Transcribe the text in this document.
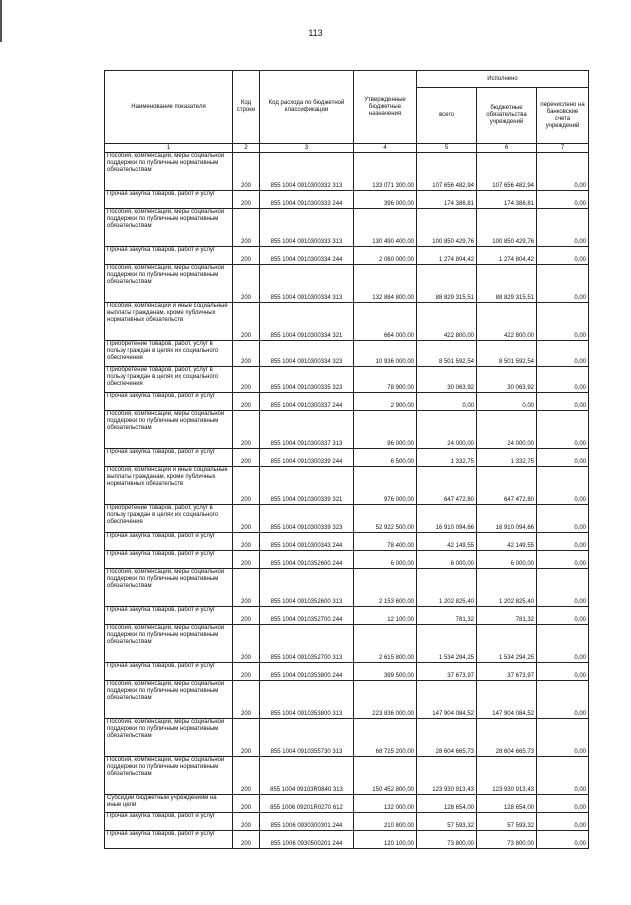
113
Наименование показателя	Код строки	Код расхода по бюджетной классификации	Утвержденные бюджетные назначения	Исполнено		
				всего	бюджетные обязательства учреждений	перечислено на банковские счета учреждений
1	2	3	4	5	6	7
Пособия, компенсации, меры социальной поддержки по публичным нормативным обязательствам	200	855 1004 0910300332 313	133 071 300,00	107 656 482,94	107 656 482,94	0,00
Прочая закупка товаров, работ и услуг	200	855 1004 0910300333 244	396 000,00	174 386,81	174 386,81	0,00
Пособия, компенсации, меры социальной поддержки по публичным нормативным обязательствам	200	855 1004 0910300333 313	130 490 400,00	100 850 429,76	100 850 429,76	0,00
Прочая закупка товаров, работ и услуг	200	855 1004 0910300334 244	2 060 000,00	1 274 804,42	1 274 804,42	0,00
Пособия, компенсации, меры социальной поддержки по публичным нормативным обязательствам	200	855 1004 0910300334 313	132 884 800,00	88 829 315,51	88 829 315,51	0,00
Пособия, компенсации и иные социальные выплаты гражданам, кроме публичных нормативных обязательств	200	855 1004 0910300334 321	664 000,00	422 800,00	422 800,00	0,00
Приобретение товаров, работ, услуг в пользу граждан в целях их социального обеспечения	200	855 1004 0910300334 323	10 936 000,00	8 501 592,54	8 501 592,54	0,00
Приобретение товаров, работ, услуг в пользу граждан в целях их социального обеспечения	200	855 1004 0910300335 323	78 900,00	30 063,92	30 063,92	0,00
Прочая закупка товаров, работ и услуг	200	855 1004 0910300337 244	2 900,00	0,00	0,00	0,00
Пособия, компенсации, меры социальной поддержки по публичным нормативным обязательствам	200	855 1004 0910300337 313	96 000,00	24 000,00	24 000,00	0,00
Прочая закупка товаров, работ и услуг	200	855 1004 0910300339 244	6 500,00	1 332,75	1 332,75	0,00
Пособия, компенсации и иные социальные выплаты гражданам, кроме публичных нормативных обязательств	200	855 1004 0910300339 321	976 000,00	647 472,80	647 472,80	0,00
Приобретение товаров, работ, услуг в пользу граждан в целях их социального обеспечения	200	855 1004 0910300339 323	52 922 500,00	16 910 094,66	16 910 094,66	0,00
Прочая закупка товаров, работ и услуг	200	855 1004 0910300343 244	78 400,00	42 149,55	42 149,55	0,00
Прочая закупка товаров, работ и услуг	200	855 1004 0910352600 244	6 000,00	6 000,00	6 000,00	0,00
Пособия, компенсации, меры социальной поддержки по публичным нормативным обязательствам	200	855 1004 0910352600 313	2 153 600,00	1 202 825,40	1 202 825,40	0,00
Прочая закупка товаров, работ и услуг	200	855 1004 0910352700 244	12 100,00	781,32	781,32	0,00
Пособия, компенсации, меры социальной поддержки по публичным нормативным обязательствам	200	855 1004 0910352700 313	2 615 800,00	1 534 294,25	1 534 294,25	0,00
Прочая закупка товаров, работ и услуг	200	855 1004 0910353800 244	399 500,00	37 673,97	37 673,97	0,00
Пособия, компенсации, меры социальной поддержки по публичным нормативным обязательствам	200	855 1004 0910353800 313	223 836 000,00	147 904 084,52	147 904 084,52	0,00
Пособия, компенсации, меры социальной поддержки по публичным нормативным обязательствам	200	855 1004 0910355730 313	68 725 200,00	28 604 665,73	28 604 665,73	0,00
Пособия, компенсации, меры социальной поддержки по публичным нормативным обязательствам	200	855 1004 09103R0840 313	150 452 800,00	123 930 913,43	123 930 913,43	0,00
Субсидии бюджетным учреждениям на иные цели	200	855 1006 09201R0270 612	132 000,00	128 654,00	128 654,00	0,00
Прочая закупка товаров, работ и услуг	200	855 1006 0930300301 244	210 800,00	57 593,32	57 593,32	0,00
Прочая закупка товаров, работ и услуг	200	855 1006 0930500201 244	120 100,00	73 800,00	73 800,00	0,00
